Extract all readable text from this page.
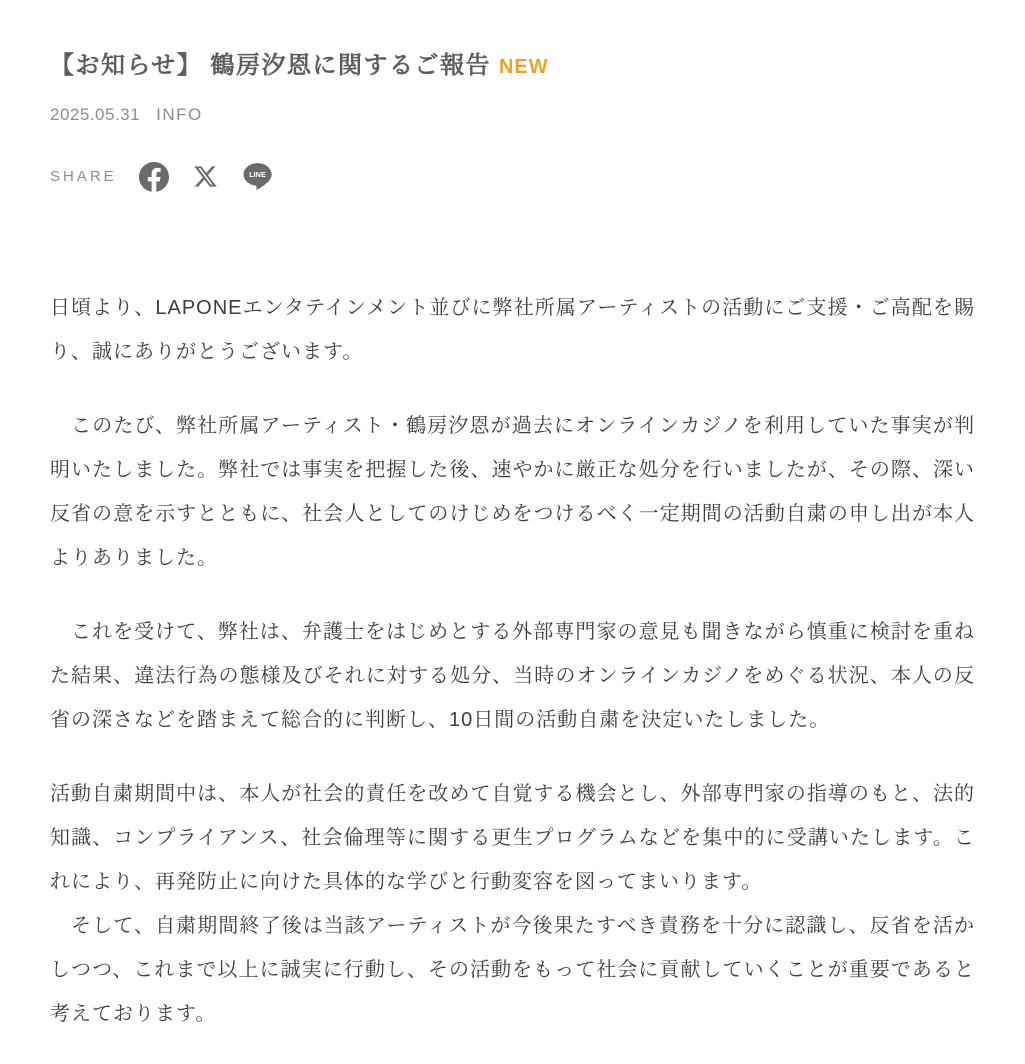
【お知らせ】 鶴房汐恩に関するご報告 NEW
2025.05.31 INFO
SHARE	LINE

日頃より、LAPONEエンタテインメント並びに弊社所属アーティストの活動にご支援・ご高配を賜り、誠にありがとうございます。

　このたび、弊社所属アーティスト・鶴房汐恩が過去にオンラインカジノを利用していた事実が判明いたしました。弊社では事実を把握した後、速やかに厳正な処分を行いましたが、その際、深い反省の意を示すとともに、社会人としてのけじめをつけるべく一定期間の活動自粛の申し出が本人よりありました。

　これを受けて、弊社は、弁護士をはじめとする外部専門家の意見も聞きながら慎重に検討を重ねた結果、違法行為の態様及びそれに対する処分、当時のオンラインカジノをめぐる状況、本人の反省の深さなどを踏まえて総合的に判断し、10日間の活動自粛を決定いたしました。

活動自粛期間中は、本人が社会的責任を改めて自覚する機会とし、外部専門家の指導のもと、法的知識、コンプライアンス、社会倫理等に関する更生プログラムなどを集中的に受講いたします。これにより、再発防止に向けた具体的な学びと行動変容を図ってまいります。

　そして、自粛期間終了後は当該アーティストが今後果たすべき責務を十分に認識し、反省を活かしつつ、これまで以上に誠実に行動し、その活動をもって社会に貢献していくことが重要であると考えております。
